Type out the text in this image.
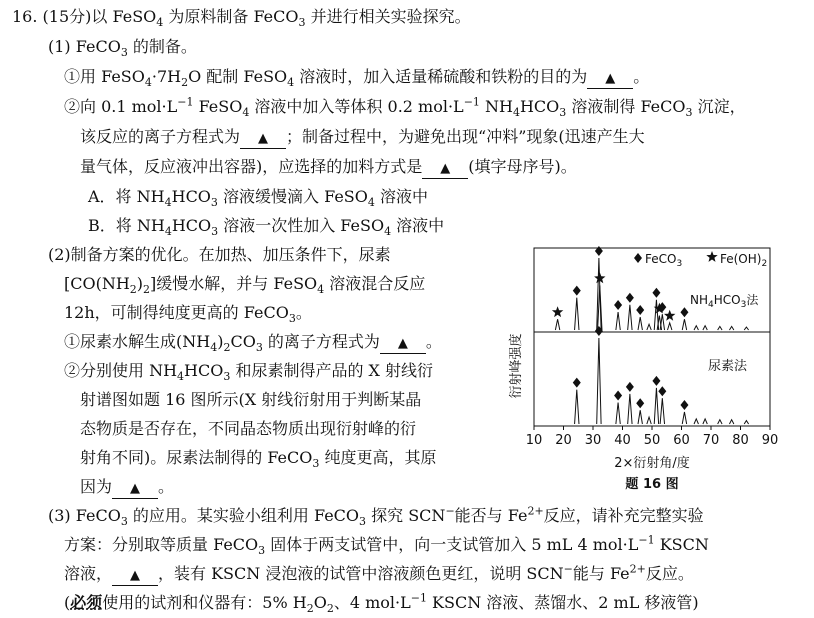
16. (15分)以 FeSO$_4$ 为原料制备 FeCO$_3$ 并进行相关实验探究。
(1) FeCO$_3$ 的制备。
①用 $FeSO_4\cdot 7H_2O$ 配制 FeSO$_4$ 溶液时，加入适量稀硫酸和铁粉的目的为 ▲ 。
②向 0.1 $mol\cdot L^{-1}$ FeSO$_4$ 溶液中加入等体积 0.2 $mol\cdot L^{-1}$ $NH_4HCO_3$ 溶液制得 FeCO$_3$ 沉淀，
该反应的离子方程式为 ▲ ；制备过程中，为避免出现“冲料”现象(迅速产生大
量气体，反应液冲出容器)，应选择的加料方式是 ▲ (填字母序号)。
A．将 $NH_4HCO_3$ 溶液缓慢滴入 FeSO$_4$ 溶液中
B．将 $NH_4HCO_3$ 溶液一次性加入 FeSO$_4$ 溶液中
(2)制备方案的优化。在加热、加压条件下，尿素
$[CO(NH_2)_2]$缓慢水解，并与 FeSO$_4$ 溶液混合反应
12h，可制得纯度更高的 FeCO$_3$。
①尿素水解生成$(NH_4)_2CO_3$ 的离子方程式为 ▲ 。
②分别使用 $NH_4HCO_3$ 和尿素制得产品的 X 射线衍
射谱图如题 16 图所示(X 射线衍射用于判断某晶
态物质是否存在，不同晶态物质出现衍射峰的衍
射角不同)。尿素法制得的 FeCO$_3$ 纯度更高，其原
因为 ▲ 。
10 20 30 40 50 60 70 80 90
FeCO$_3$	$Fe(OH)_2$
$NH_4HCO_3$法
尿素法
衍射峰强度
2×衍射角/度
题 16 图
(3) FeCO$_3$ 的应用。某实验小组利用 FeCO$_3$ 探究 SCN−能否与 $Fe^{2+}$反应，请补充完整实验
方案：分别取等质量 FeCO$_3$ 固体于两支试管中，向一支试管加入 5 mL 4 $mol\cdot L^{-1}$ KSCN
溶液， ▲ ，装有 KSCN 浸泡液的试管中溶液颜色更红，说明 SCN−能与 $Fe^{2+}$反应。
(必须使用的试剂和仪器有：5% $H_2O_2$、4 $mol\cdot L^{-1}$ KSCN 溶液、蒸馏水、2 mL 移液管)
